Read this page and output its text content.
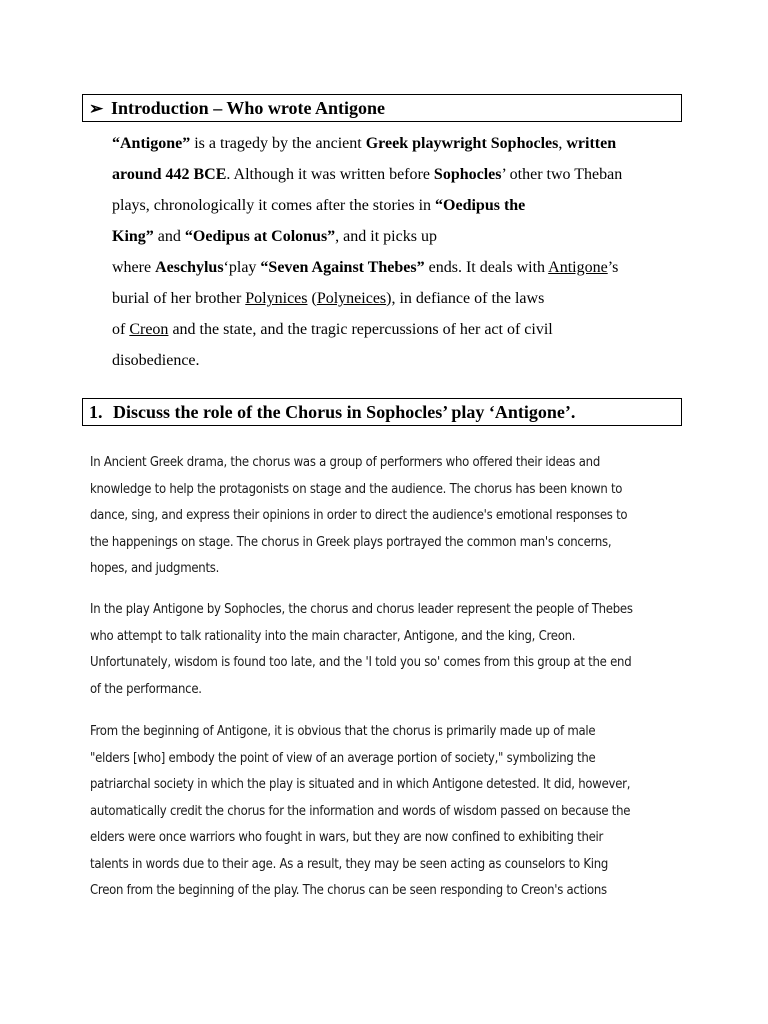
➢ Introduction – Who wrote Antigone
“Antigone” is a tragedy by the ancient Greek playwright Sophocles, written
around 442 BCE. Although it was written before Sophocles’ other two Theban
plays, chronologically it comes after the stories in “Oedipus the
King” and “Oedipus at Colonus”, and it picks up
where Aeschylus‘play “Seven Against Thebes” ends. It deals with Antigone’s
burial of her brother Polynices (Polyneices), in defiance of the laws
of Creon and the state, and the tragic repercussions of her act of civil
disobedience.
1. Discuss the role of the Chorus in Sophocles’ play ‘Antigone’.
In Ancient Greek drama, the chorus was a group of performers who offered their ideas and
knowledge to help the protagonists on stage and the audience. The chorus has been known to
dance, sing, and express their opinions in order to direct the audience's emotional responses to
the happenings on stage. The chorus in Greek plays portrayed the common man's concerns,
hopes, and judgments.
In the play Antigone by Sophocles, the chorus and chorus leader represent the people of Thebes
who attempt to talk rationality into the main character, Antigone, and the king, Creon.
Unfortunately, wisdom is found too late, and the 'I told you so' comes from this group at the end
of the performance.
From the beginning of Antigone, it is obvious that the chorus is primarily made up of male
"elders [who] embody the point of view of an average portion of society," symbolizing the
patriarchal society in which the play is situated and in which Antigone detested. It did, however,
automatically credit the chorus for the information and words of wisdom passed on because the
elders were once warriors who fought in wars, but they are now confined to exhibiting their
talents in words due to their age. As a result, they may be seen acting as counselors to King
Creon from the beginning of the play. The chorus can be seen responding to Creon's actions
